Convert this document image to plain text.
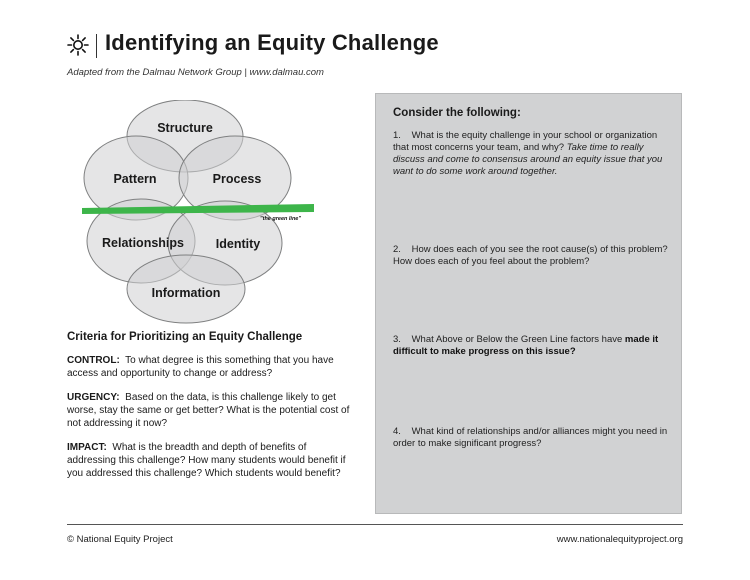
Identifying an Equity Challenge
Adapted from the Dalmau Network Group | www.dalmau.com
"the green line"
Structure
Pattern	Process
Relationships	Identity
Information
Criteria for Prioritizing an Equity Challenge
CONTROL: To what degree is this something that you have access and opportunity to change or address?
URGENCY: Based on the data, is this challenge likely to get worse, stay the same or get better? What is the potential cost of not addressing it now?
IMPACT: What is the breadth and depth of benefits of addressing this challenge? How many students would benefit if you addressed this challenge? Which students would benefit?
Consider the following:
1. What is the equity challenge in your school or organization that most concerns your team, and why? Take time to really discuss and come to consensus around an equity issue that you want to do some work around together.
2. How does each of you see the root cause(s) of this problem? How does each of you feel about the problem?
3. What Above or Below the Green Line factors have made it difficult to make progress on this issue?
4. What kind of relationships and/or alliances might you need in order to make significant progress?
© National Equity Project	www.nationalequityproject.org
